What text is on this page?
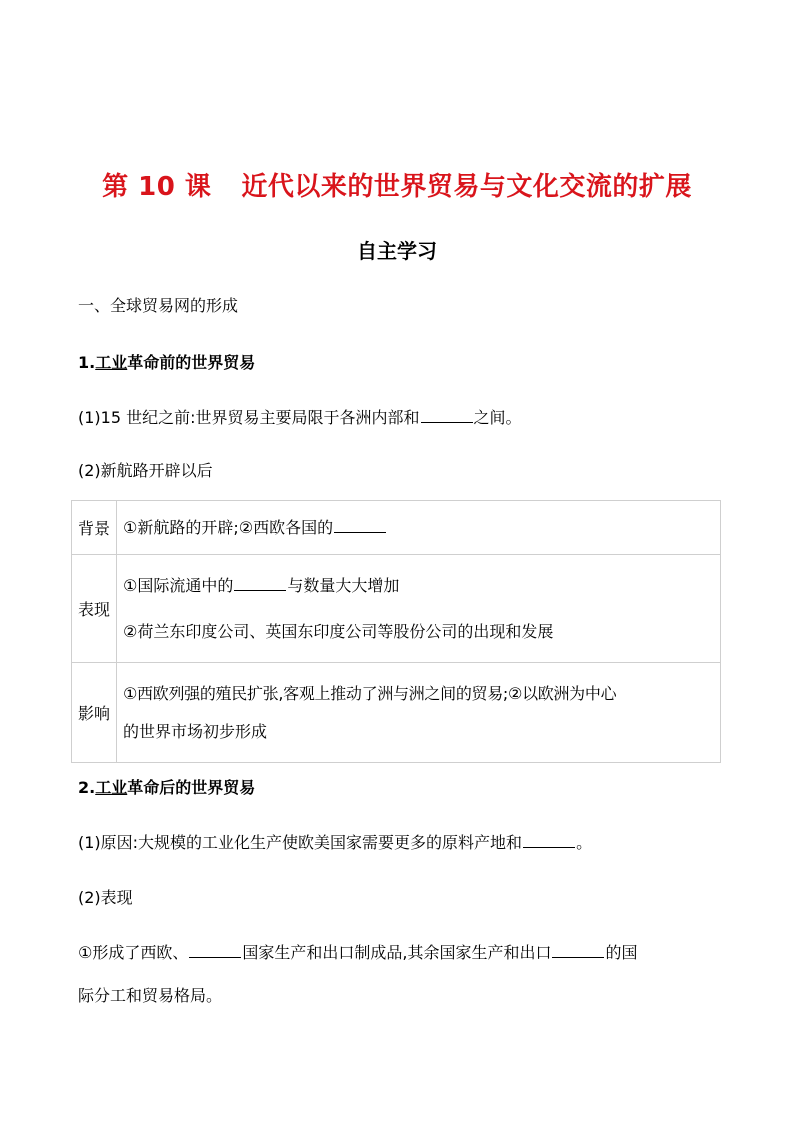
第 10 课 近代以来的世界贸易与文化交流的扩展
自主学习
一、全球贸易网的形成
1.工业革命前的世界贸易
(1)15 世纪之前:世界贸易主要局限于各洲内部和	之间。
(2)新航路开辟以后
背景	①新航路的开辟;②西欧各国的
表现	①国际流通中的 与数量大大增加
②荷兰东印度公司、英国东印度公司等股份公司的出现和发展

影响	①西欧列强的殖民扩张,客观上推动了洲与洲之间的贸易;②以欧洲为中心
的世界市场初步形成
2.工业革命后的世界贸易
(1)原因:大规模的工业化生产使欧美国家需要更多的原料产地和	。
(2)表现
①形成了西欧、	国家生产和出口制成品,其余国家生产和出口	的国
际分工和贸易格局。
